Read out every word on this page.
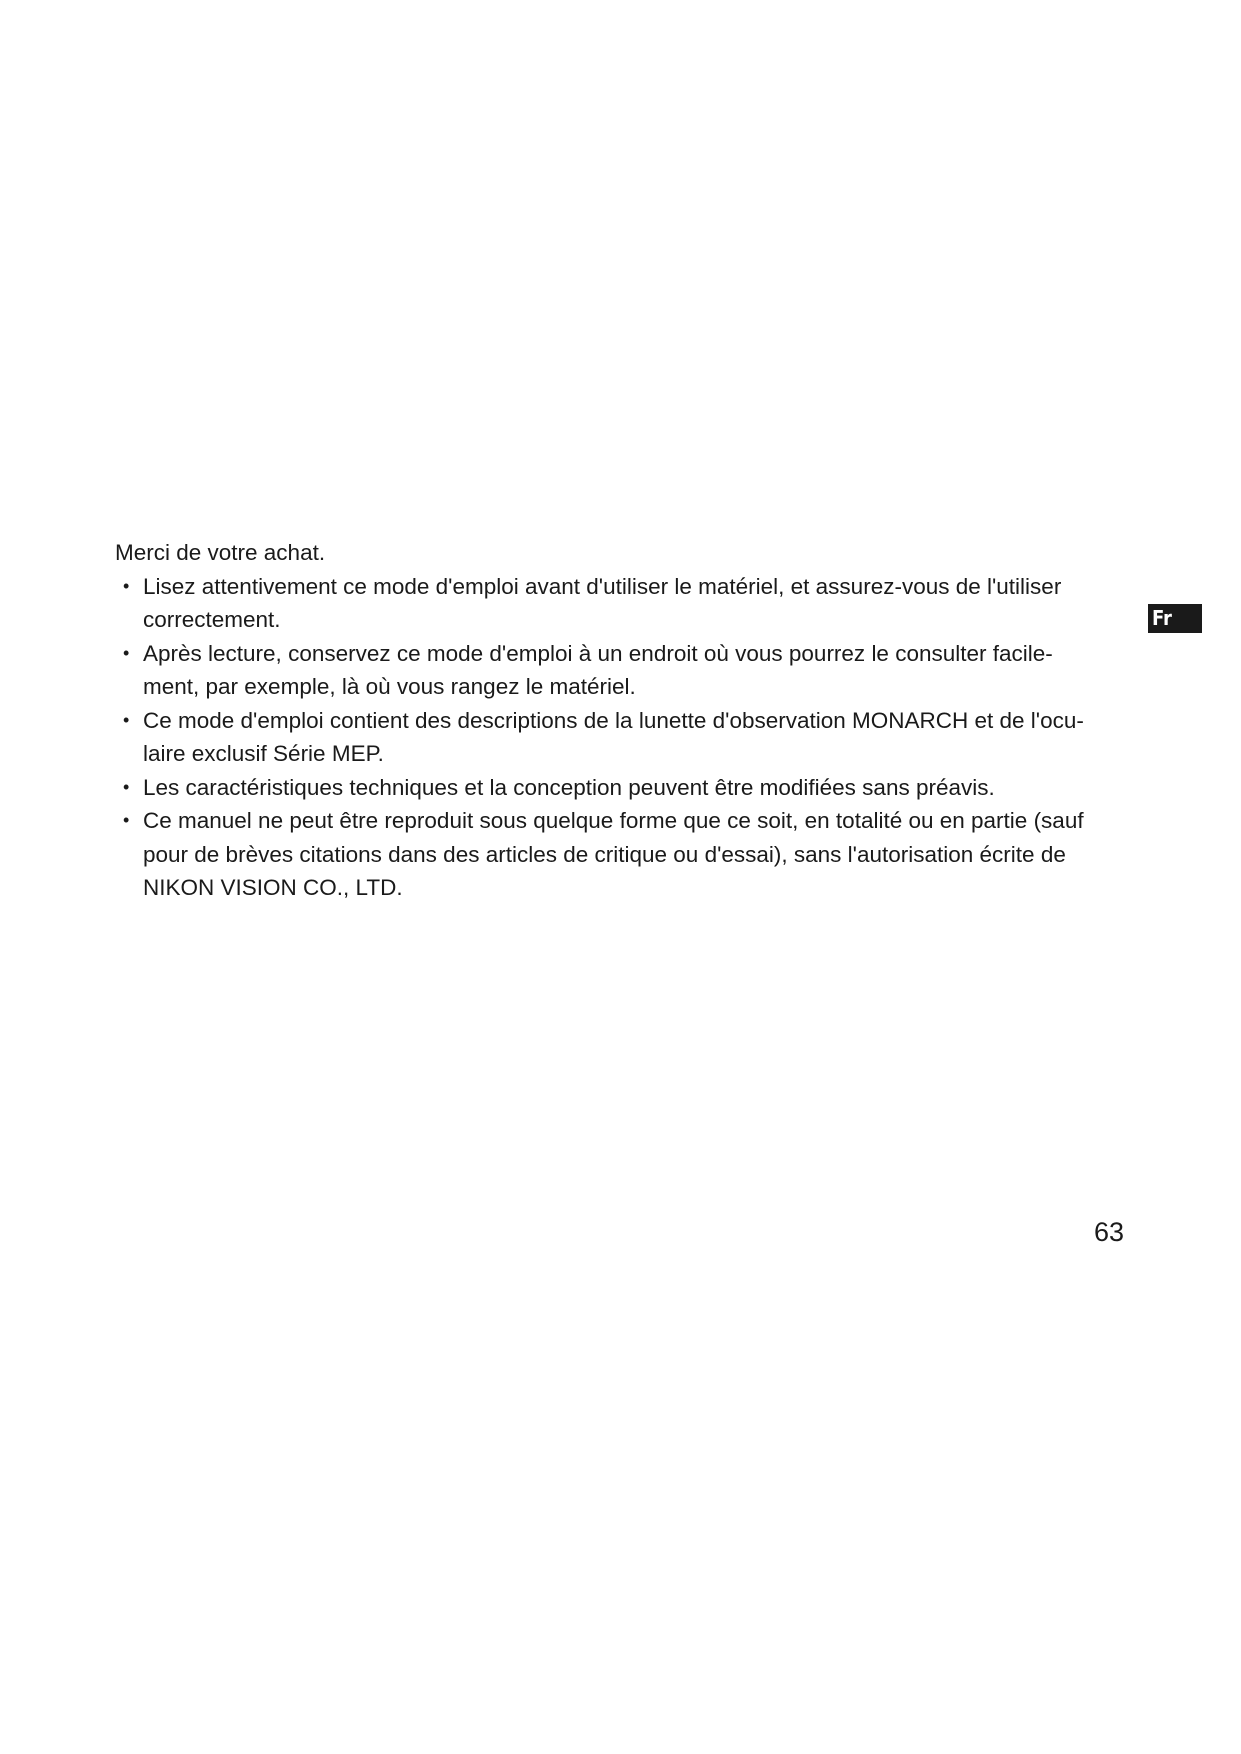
Merci de votre achat.

• Lisez attentivement ce mode d'emploi avant d'utiliser le matériel, et assurez-vous de l'utiliser
correctement.
• Après lecture, conservez ce mode d'emploi à un endroit où vous pourrez le consulter facile-
ment, par exemple, là où vous rangez le matériel.
• Ce mode d'emploi contient des descriptions de la lunette d'observation MONARCH et de l'ocu-
laire exclusif Série MEP.
• Les caractéristiques techniques et la conception peuvent être modifiées sans préavis.
• Ce manuel ne peut être reproduit sous quelque forme que ce soit, en totalité ou en partie (sauf
pour de brèves citations dans des articles de critique ou d'essai), sans l'autorisation écrite de
NIKON VISION CO., LTD.
Fr
63
